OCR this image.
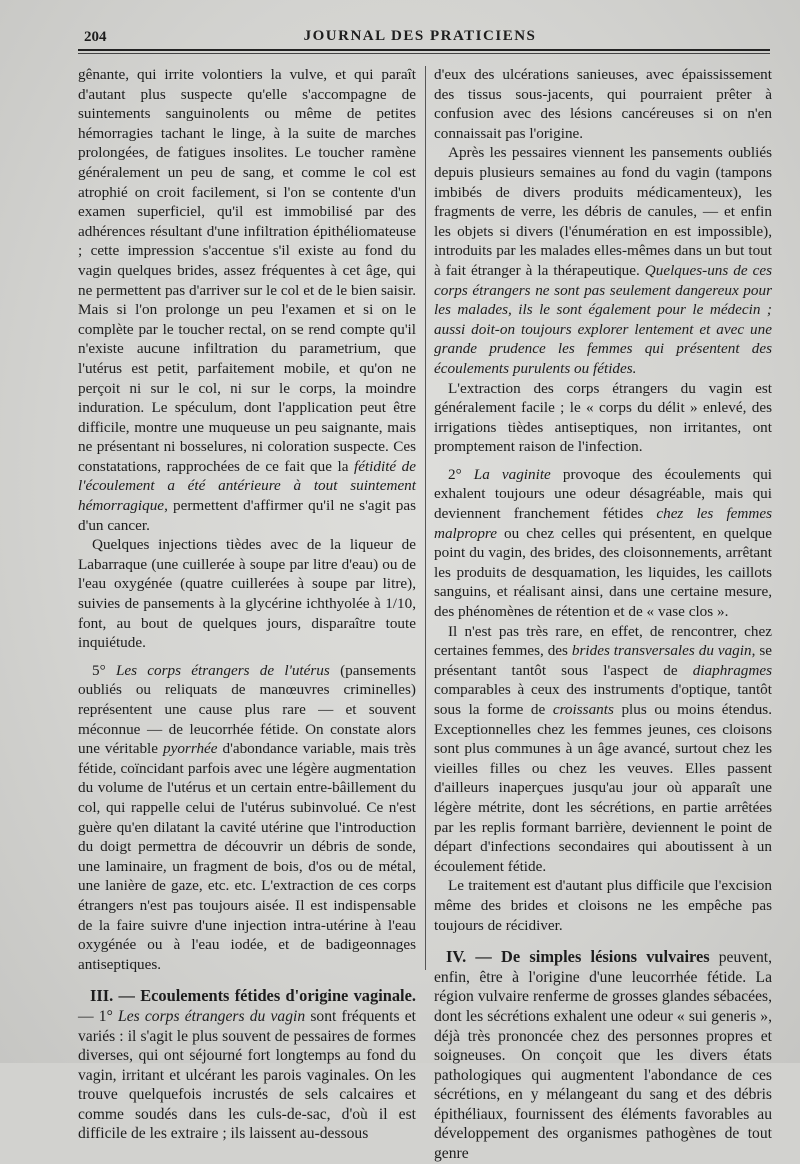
204	JOURNAL DES PRATICIENS

gênante, qui irrite volontiers la vulve, et qui paraît d'autant plus suspecte qu'elle s'accompagne de suintements sanguinolents ou même de petites hémorragies tachant le linge, à la suite de marches prolongées, de fatigues insolites. Le toucher ramène généralement un peu de sang, et comme le col est atrophié on croit facilement, si l'on se contente d'un examen superficiel, qu'il est immobilisé par des adhérences résultant d'une infiltration épithéliomateuse ; cette impression s'accentue s'il existe au fond du vagin quelques brides, assez fréquentes à cet âge, qui ne permettent pas d'arriver sur le col et de le bien saisir. Mais si l'on prolonge un peu l'examen et si on le complète par le toucher rectal, on se rend compte qu'il n'existe aucune infiltration du parametrium, que l'utérus est petit, parfaitement mobile, et qu'on ne perçoit ni sur le col, ni sur le corps, la moindre induration. Le spéculum, dont l'application peut être difficile, montre une muqueuse un peu saignante, mais ne présentant ni bosselures, ni coloration suspecte. Ces constatations, rapprochées de ce fait que la fétidité de l'écoulement a été antérieure à tout suintement hémorragique, permettent d'affirmer qu'il ne s'agit pas d'un cancer.

Quelques injections tièdes avec de la liqueur de Labarraque (une cuillerée à soupe par litre d'eau) ou de l'eau oxygénée (quatre cuillerées à soupe par litre), suivies de pansements à la glycérine ichthyolée à 1/10, font, au bout de quelques jours, disparaître toute inquiétude.

5° Les corps étrangers de l'utérus (pansements oubliés ou reliquats de manœuvres criminelles) représentent une cause plus rare — et souvent méconnue — de leucorrhée fétide. On constate alors une véritable pyorrhée d'abondance variable, mais très fétide, coïncidant parfois avec une légère augmentation du volume de l'utérus et un certain entre-bâillement du col, qui rappelle celui de l'utérus subinvolué. Ce n'est guère qu'en dilatant la cavité utérine que l'introduction du doigt permettra de découvrir un débris de sonde, une laminaire, un fragment de bois, d'os ou de métal, une lanière de gaze, etc. etc. L'extraction de ces corps étrangers n'est pas toujours aisée. Il est indispensable de la faire suivre d'une injection intra-utérine à l'eau oxygénée ou à l'eau iodée, et de badigeonnages antiseptiques.

III. — Ecoulements fétides d'origine vaginale. — 1° Les corps étrangers du vagin sont fréquents et variés : il s'agit le plus souvent de pessaires de formes diverses, qui ont séjourné fort longtemps au fond du vagin, irritant et ulcérant les parois vaginales. On les trouve quelquefois incrustés de sels calcaires et comme soudés dans les culs-de-sac, d'où il est difficile de les extraire ; ils laissent au-dessous

d'eux des ulcérations sanieuses, avec épaississement des tissus sous-jacents, qui pourraient prêter à confusion avec des lésions cancéreuses si on n'en connaissait pas l'origine.

Après les pessaires viennent les pansements oubliés depuis plusieurs semaines au fond du vagin (tampons imbibés de divers produits médicamenteux), les fragments de verre, les débris de canules, — et enfin les objets si divers (l'énumération en est impossible), introduits par les malades elles-mêmes dans un but tout à fait étranger à la thérapeutique. Quelques-uns de ces corps étrangers ne sont pas seulement dangereux pour les malades, ils le sont également pour le médecin ; aussi doit-on toujours explorer lentement et avec une grande prudence les femmes qui présentent des écoulements purulents ou fétides.

L'extraction des corps étrangers du vagin est généralement facile ; le « corps du délit » enlevé, des irrigations tièdes antiseptiques, non irritantes, ont promptement raison de l'infection.

2° La vaginite provoque des écoulements qui exhalent toujours une odeur désagréable, mais qui deviennent franchement fétides chez les femmes malpropre ou chez celles qui présentent, en quelque point du vagin, des brides, des cloisonnements, arrêtant les produits de desquamation, les liquides, les caillots sanguins, et réalisant ainsi, dans une certaine mesure, des phénomènes de rétention et de « vase clos ».

Il n'est pas très rare, en effet, de rencontrer, chez certaines femmes, des brides transversales du vagin, se présentant tantôt sous l'aspect de diaphragmes comparables à ceux des instruments d'optique, tantôt sous la forme de croissants plus ou moins étendus. Exceptionnelles chez les femmes jeunes, ces cloisons sont plus communes à un âge avancé, surtout chez les vieilles filles ou chez les veuves. Elles passent d'ailleurs inaperçues jusqu'au jour où apparaît une légère métrite, dont les sécrétions, en partie arrêtées par les replis formant barrière, deviennent le point de départ d'infections secondaires qui aboutissent à un écoulement fétide.

Le traitement est d'autant plus difficile que l'excision même des brides et cloisons ne les empêche pas toujours de récidiver.

IV. — De simples lésions vulvaires peuvent, enfin, être à l'origine d'une leucorrhée fétide. La région vulvaire renferme de grosses glandes sébacées, dont les sécrétions exhalent une odeur « sui generis », déjà très prononcée chez des personnes propres et soigneuses. On conçoit que les divers états pathologiques qui augmentent l'abondance de ces sécrétions, en y mélangeant du sang et des débris épithéliaux, fournissent des éléments favorables au développement des organismes pathogènes de tout genre
